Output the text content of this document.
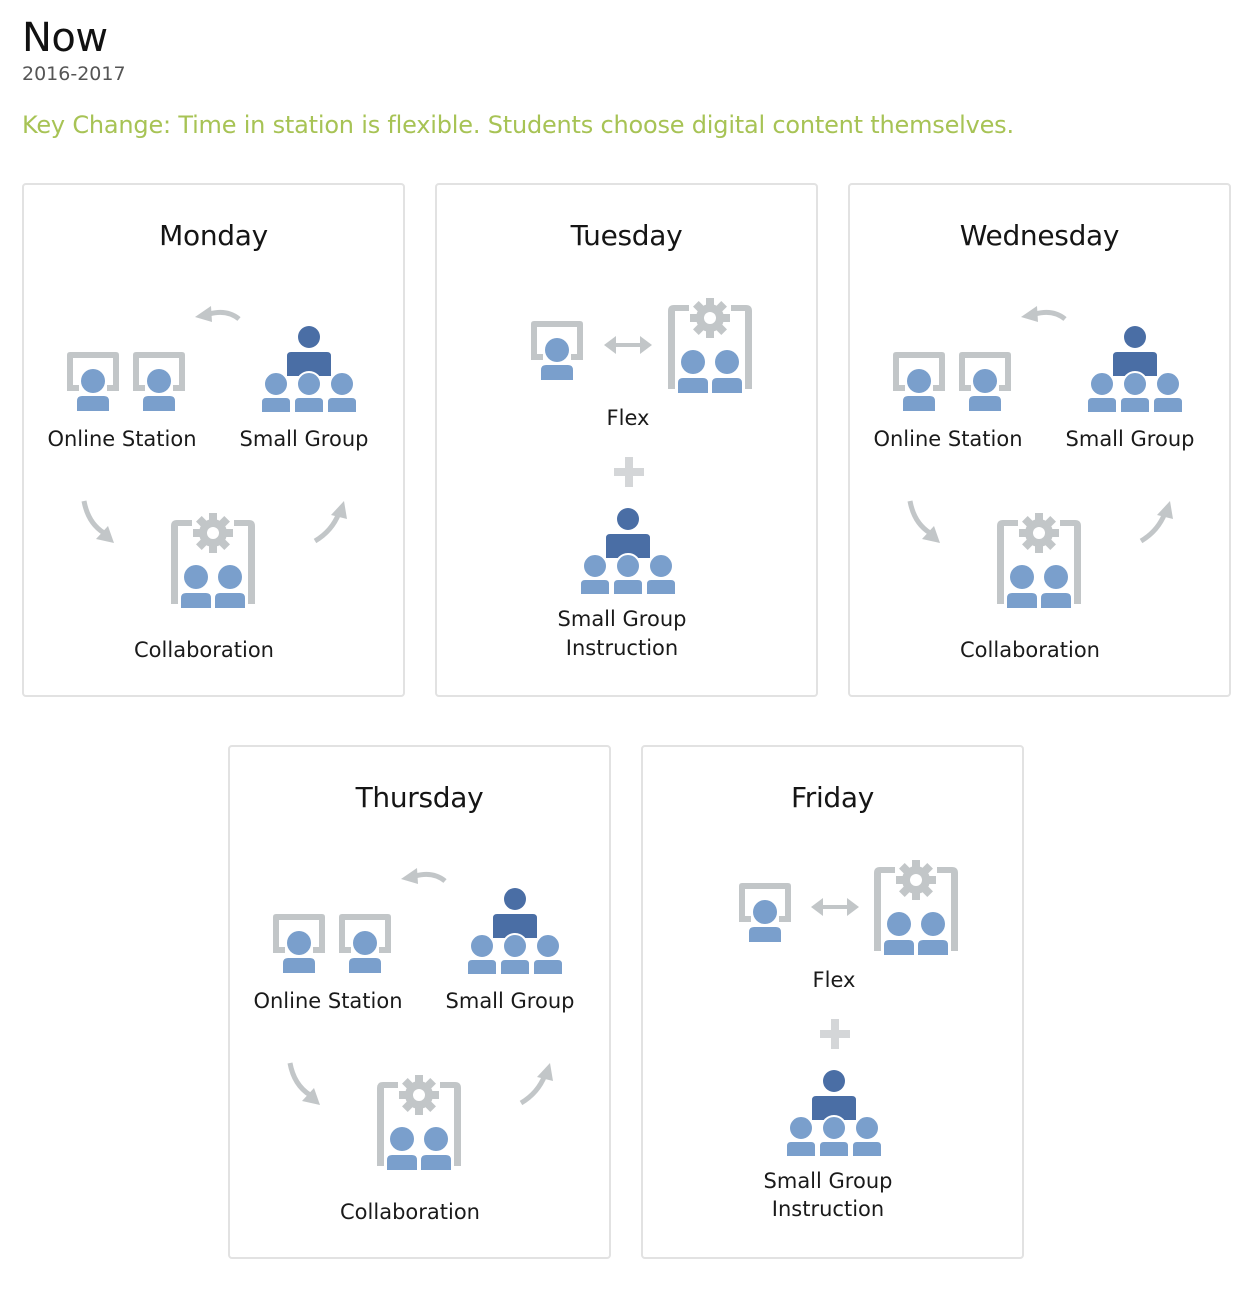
Now
2016-2017
Key Change: Time in station is flexible. Students choose digital content themselves.
Monday
Online Station	Small Group
Collaboration
Tuesday
Flex
Small Group
Instruction
Wednesday
Online Station	Small Group
Collaboration
Thursday
Online Station	Small Group
Collaboration
Friday
Flex
Small Group
Instruction
